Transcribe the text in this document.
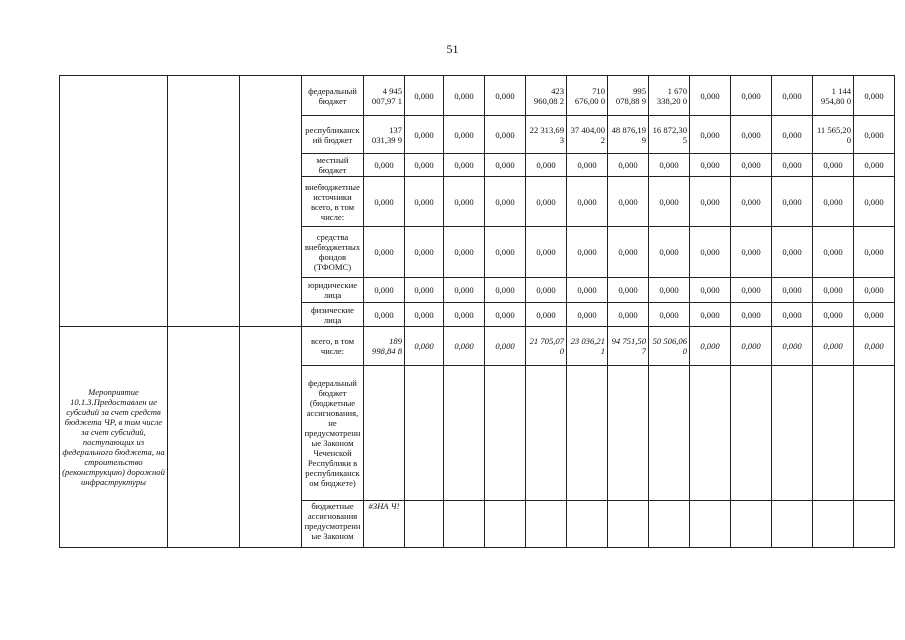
51
			федеральный бюджет	4 945 007,97 1	0,000	0,000	0,000	423 960,08 2	710 676,00 0	995 078,88 9	1 670 338,20 0	0,000	0,000	0,000	1 144 954,80 0	0,000
			республиканск ий бюджет	137 031,39 9	0,000	0,000	0,000	22 313,69 3	37 404,00 2	48 876,19 9	16 872,30 5	0,000	0,000	0,000	11 565,20 0	0,000
			местный бюджет	0,000	0,000	0,000	0,000	0,000	0,000	0,000	0,000	0,000	0,000	0,000	0,000	0,000
			внебюджетные источники всего, в том числе:	0,000	0,000	0,000	0,000	0,000	0,000	0,000	0,000	0,000	0,000	0,000	0,000	0,000
			средства внебюджетных фондов (ТФОМС)	0,000	0,000	0,000	0,000	0,000	0,000	0,000	0,000	0,000	0,000	0,000	0,000	0,000
			юридические лица	0,000	0,000	0,000	0,000	0,000	0,000	0,000	0,000	0,000	0,000	0,000	0,000	0,000
			физические лица	0,000	0,000	0,000	0,000	0,000	0,000	0,000	0,000	0,000	0,000	0,000	0,000	0,000
Мероприятие 10.1.3.Предоставлен ие субсидий за счет средств бюджета ЧР, в том числе за счет субсидий, поступающих из федерального бюджета, на строительство (реконструкцию) дорожной инфраструктуры			всего, в том числе:	189 998,84 8	0,000	0,000	0,000	21 705,07 0	23 036,21 1	94 751,50 7	50 506,06 0	0,000	0,000	0,000	0,000	0,000
			федеральный бюджет (бюджетные ассигнования, не предусмотренн ые Законом Чеченской Республики в республиканск ом бюджете)													
			бюджетные ассигнования предусмотренн ые Законом	#ЗНА Ч!												
